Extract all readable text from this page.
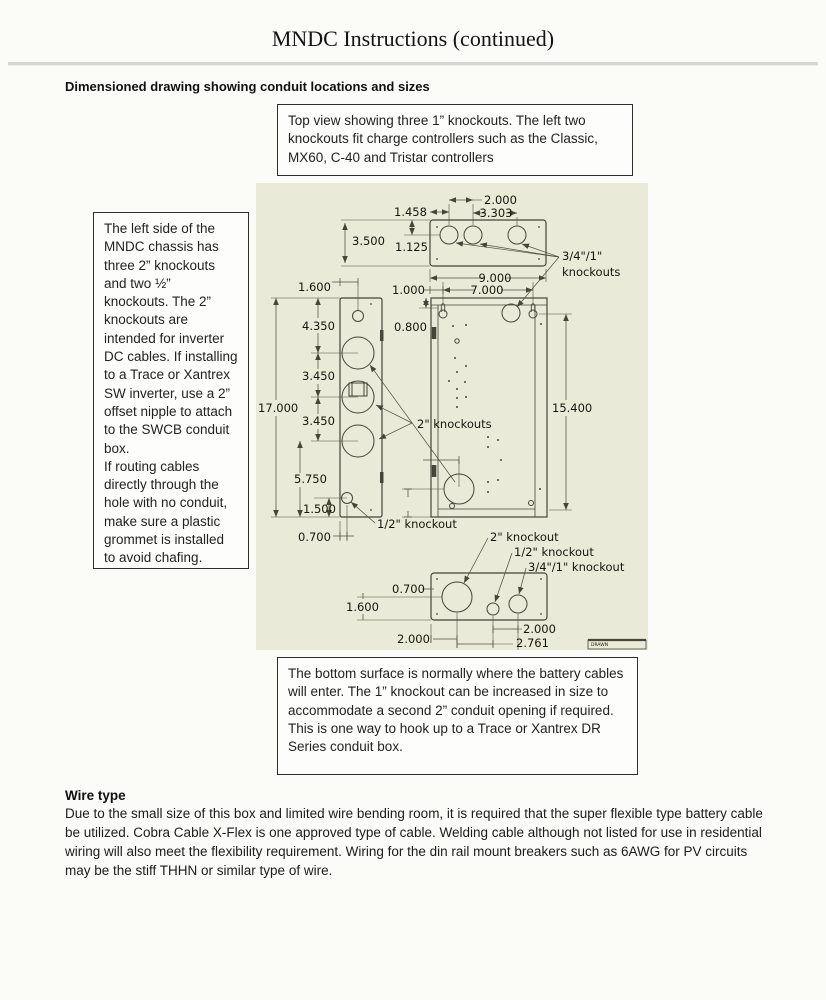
MNDC Instructions (continued)
Dimensioned drawing showing conduit locations and sizes

Top view showing three 1” knockouts. The left two knockouts fit charge controllers such as the Classic, MX60, C-40 and Tristar controllers

The left side of the MNDC chassis has three 2” knockouts and two ½” knockouts. The 2” knockouts are intended for inverter DC cables. If installing to a Trace or Xantrex SW inverter, use a 2” offset nipple to attach to the SWCB conduit box.

If routing cables directly through the hole with no conduit, make sure a plastic grommet is installed to avoid chafing.

2.000
1.458	3.303
3.500 1.125
3/4"/1"
knockouts
9.000
1.000	7.000
1.600
4.350
3.450
17.000
3.450
5.750
1.500
0.700
0.800
15.400
2" knockouts
1/2" knockout
2" knockout
1/2" knockout
3/4"/1" knockout
0.700
1.600
2.000
2.000
2.761	DRAWN

The bottom surface is normally where the battery cables will enter. The 1” knockout can be increased in size to accommodate a second 2” conduit opening if required. This is one way to hook up to a Trace or Xantrex DR Series conduit box.

Wire type
Due to the small size of this box and limited wire bending room, it is required that the super flexible type battery cable be utilized. Cobra Cable X-Flex is one approved type of cable. Welding cable although not listed for use in residential wiring will also meet the flexibility requirement. Wiring for the din rail mount breakers such as 6AWG for PV circuits may be the stiff THHN or similar type of wire.
